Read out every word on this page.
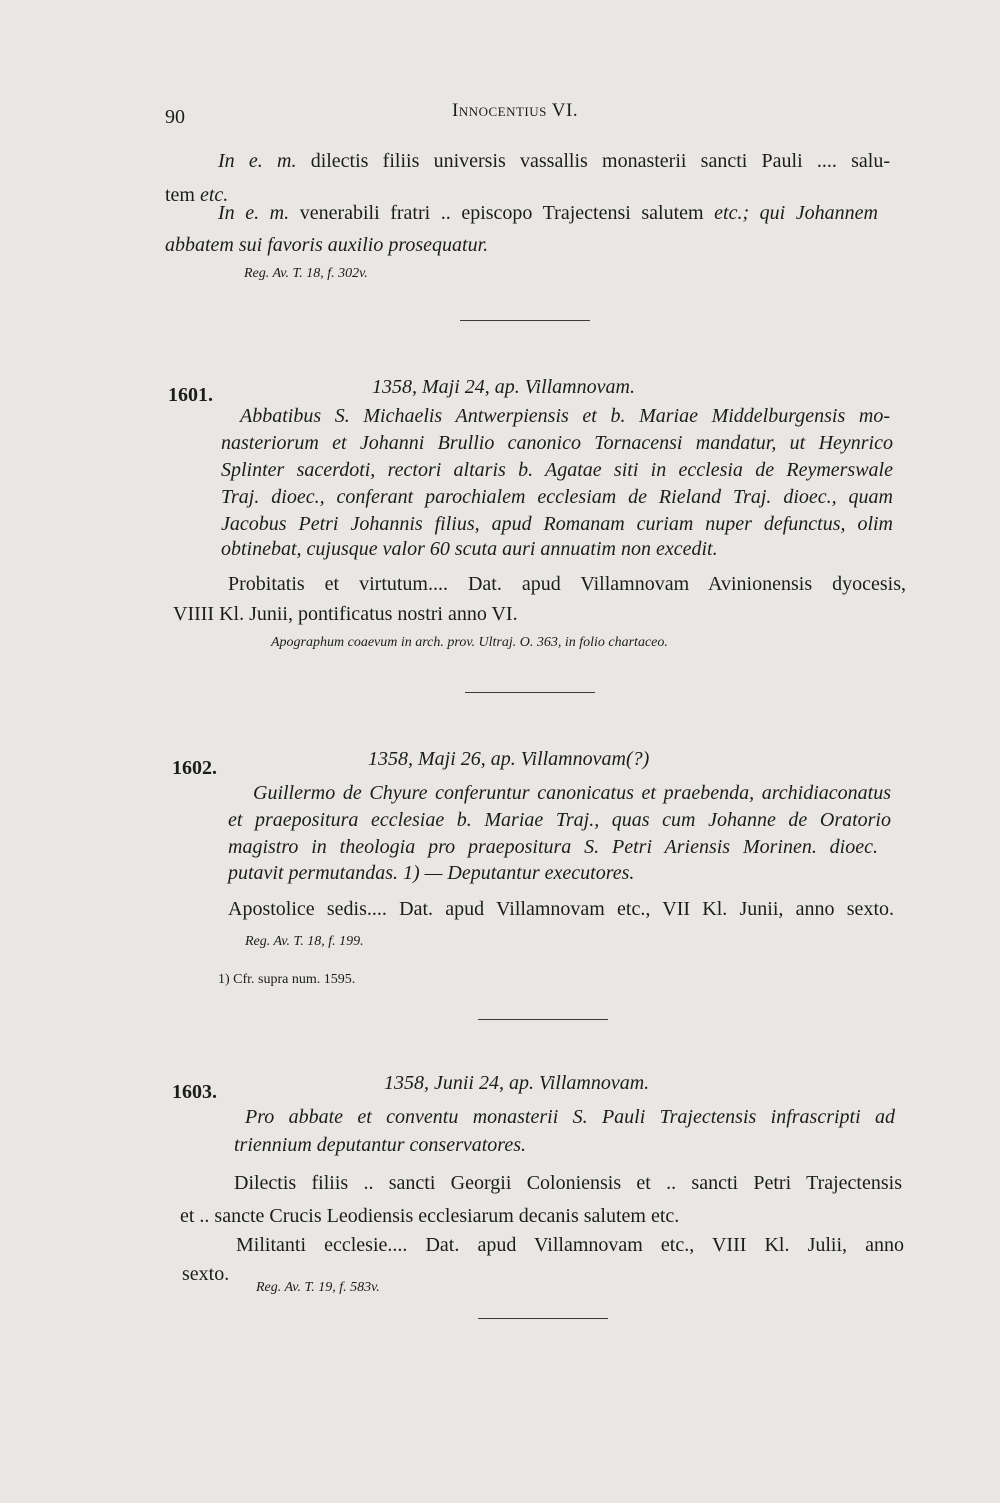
90	Innocentius VI.
In e. m. dilectis filiis universis vassallis monasterii sancti Pauli .... salu-
tem etc.
In e. m. venerabili fratri .. episcopo Trajectensi salutem etc.; qui Johannem
abbatem sui favoris auxilio prosequatur.
Reg. Av. T. 18, f. 302v.
1601.	1358, Maji 24, ap. Villamnovam.
Abbatibus S. Michaelis Antwerpiensis et b. Mariae Middelburgensis mo-
nasteriorum et Johanni Brullio canonico Tornacensi mandatur, ut Heynrico
Splinter sacerdoti, rectori altaris b. Agatae siti in ecclesia de Reymerswale
Traj. dioec., conferant parochialem ecclesiam de Rieland Traj. dioec., quam
Jacobus Petri Johannis filius, apud Romanam curiam nuper defunctus, olim
obtinebat, cujusque valor 60 scuta auri annuatim non excedit.
Probitatis et virtutum.... Dat. apud Villamnovam Avinionensis dyocesis,
VIIII Kl. Junii, pontificatus nostri anno VI.
Apographum coaevum in arch. prov. Ultraj. O. 363, in folio chartaceo.
1602.	1358, Maji 26, ap. Villamnovam(?)
Guillermo de Chyure conferuntur canonicatus et praebenda, archidiaconatus
et praepositura ecclesiae b. Mariae Traj., quas cum Johanne de Oratorio
magistro in theologia pro praepositura S. Petri Ariensis Morinen. dioec.
putavit permutandas. 1) — Deputantur executores.
Apostolice sedis.... Dat. apud Villamnovam etc., VII Kl. Junii, anno sexto.
Reg. Av. T. 18, f. 199.
1) Cfr. supra num. 1595.
1603.	1358, Junii 24, ap. Villamnovam.
Pro abbate et conventu monasterii S. Pauli Trajectensis infrascripti ad
triennium deputantur conservatores.
Dilectis filiis .. sancti Georgii Coloniensis et .. sancti Petri Trajectensis
et .. sancte Crucis Leodiensis ecclesiarum decanis salutem etc.
Militanti ecclesie.... Dat. apud Villamnovam etc., VIII Kl. Julii, anno
sexto.
Reg. Av. T. 19, f. 583v.
